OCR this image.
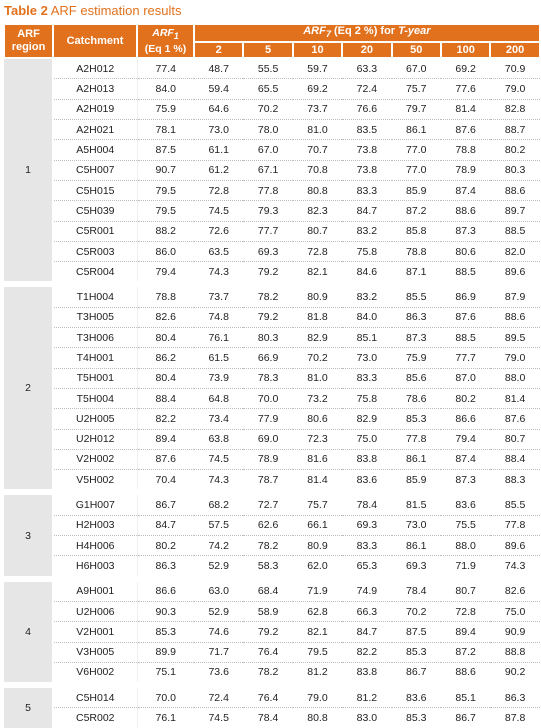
Table 2 ARF estimation results
ARF region	Catchment	$ARF_1$
(Eq 1 %)	$ARF_7$ (Eq 2 %) for T-year						
			2	5	10	20	50	100	200
1	A2H012	77.4	48.7	55.5	59.7	63.3	67.0	69.2	70.9
	A2H013	84.0	59.4	65.5	69.2	72.4	75.7	77.6	79.0
	A2H019	75.9	64.6	70.2	73.7	76.6	79.7	81.4	82.8
	A2H021	78.1	73.0	78.0	81.0	83.5	86.1	87.6	88.7
	A5H004	87.5	61.1	67.0	70.7	73.8	77.0	78.8	80.2
	C5H007	90.7	61.2	67.1	70.8	73.8	77.0	78.9	80.3
	C5H015	79.5	72.8	77.8	80.8	83.3	85.9	87.4	88.6
	C5H039	79.5	74.5	79.3	82.3	84.7	87.2	88.6	89.7
	C5R001	88.2	72.6	77.7	80.7	83.2	85.8	87.3	88.5
	C5R003	86.0	63.5	69.3	72.8	75.8	78.8	80.6	82.0
	C5R004	79.4	74.3	79.2	82.1	84.6	87.1	88.5	89.6
2	T1H004	78.8	73.7	78.2	80.9	83.2	85.5	86.9	87.9
	T3H005	82.6	74.8	79.2	81.8	84.0	86.3	87.6	88.6
	T3H006	80.4	76.1	80.3	82.9	85.1	87.3	88.5	89.5
	T4H001	86.2	61.5	66.9	70.2	73.0	75.9	77.7	79.0
	T5H001	80.4	73.9	78.3	81.0	83.3	85.6	87.0	88.0
	T5H004	88.4	64.8	70.0	73.2	75.8	78.6	80.2	81.4
	U2H005	82.2	73.4	77.9	80.6	82.9	85.3	86.6	87.6
	U2H012	89.4	63.8	69.0	72.3	75.0	77.8	79.4	80.7
	V2H002	87.6	74.5	78.9	81.6	83.8	86.1	87.4	88.4
	V5H002	70.4	74.3	78.7	81.4	83.6	85.9	87.3	88.3
3	G1H007	86.7	68.2	72.7	75.7	78.4	81.5	83.6	85.5
	H2H003	84.7	57.5	62.6	66.1	69.3	73.0	75.5	77.8
	H4H006	80.2	74.2	78.2	80.9	83.3	86.1	88.0	89.6
	H6H003	86.3	52.9	58.3	62.0	65.3	69.3	71.9	74.3
4	A9H001	86.6	63.0	68.4	71.9	74.9	78.4	80.7	82.6
	U2H006	90.3	52.9	58.9	62.8	66.3	70.2	72.8	75.0
	V2H001	85.3	74.6	79.2	82.1	84.7	87.5	89.4	90.9
	V3H005	89.9	71.7	76.4	79.5	82.2	85.3	87.2	88.8
	V6H002	75.1	73.6	78.2	81.2	83.8	86.7	88.6	90.2
5	C5H014	70.0	72.4	76.4	79.0	81.2	83.6	85.1	86.3
	C5R002	76.1	74.5	78.4	80.8	83.0	85.3	86.7	87.8
